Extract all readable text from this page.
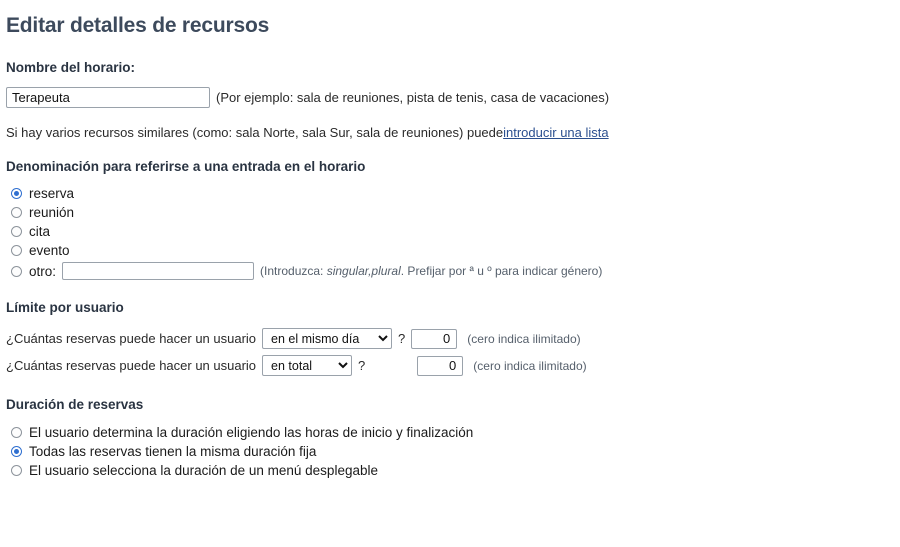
Editar detalles de recursos
Nombre del horario:
Terapeuta
(Por ejemplo: sala de reuniones, pista de tenis, casa de vacaciones)
Si hay varios recursos similares (como: sala Norte, sala Sur, sala de reuniones) puede introducir una lista
Denominación para referirse a una entrada en el horario
reserva
reunión
cita
evento
otro:	(Introduzca: singular,plural. Prefijar por ª u º para indicar género)
Límite por usuario
¿Cuántas reservas puede hacer un usuario
en el mismo día	?
0	(cero indica ilimitado)
¿Cuántas reservas puede hacer un usuario
en total	?
0	(cero indica ilimitado)
Duración de reservas
El usuario determina la duración eligiendo las horas de inicio y finalización
Todas las reservas tienen la misma duración fija
El usuario selecciona la duración de un menú desplegable
